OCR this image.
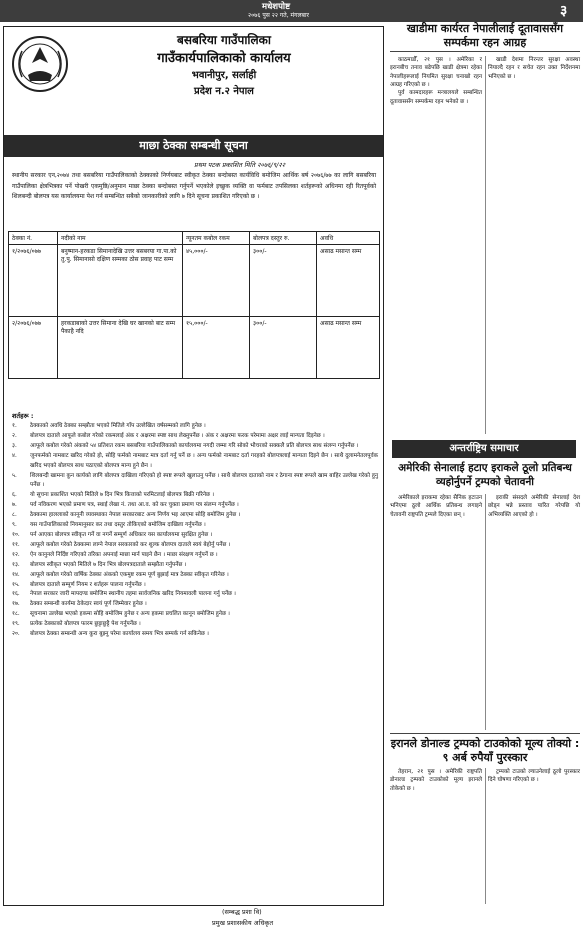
मधेशपोष्ट
२०७६ पुस २२ गते, मंगलबार	३
बसबरिया गाउँपालिका
गाउँकार्यपालिकाको कार्यालय
भवानीपुर, सर्लाही
प्रदेश न.२ नेपाल
माछा ठेक्का सम्बन्धी सूचना
प्रथम पटक प्रकाशित मिति २०७६/९/२२
स्थानीय सरकार एन,२०७४ तथा बसबरिया गाउँपालिकाको ठेक्काको निर्णयबाट स्वीकृत ठेक्का बन्दोबस्त कार्यविधि बमोजिम आर्थिक बर्ष २०७६/७७ का लागि बसबरिया गाउँपालिका क्षेत्रभित्रका पर्ने पोखरी एकमुष्ठि/अनुमान माछा ठेक्का बन्दोबस्त गर्नुपर्ने भएकोले इच्छुक व्यक्ति वा फर्मबाट तपसिलका शर्तहरूको अधिनमा रही रितपूर्वको शिलबन्दी बोलपत्र यस कार्यालयमा पेश गर्न सम्बन्धित सबैको जानकारीको लागि ७ दिने सूचना प्रकाशित गरिएको छ ।
ठेक्का नं.	नदीको नाम	न्यूनतम कबोल रकम	बोलपत्र दस्तुर रु.	अवधि
१/२०७६/०७७	बनुष्मान-हरकडा सिमानादेखि उत्तर बसबरया गा.पा.को तु.पु. सिमानासो दक्षिण सम्मका ठोस प्रवाह पाट सम्म	४५,०००/-	३००/-	असाढ मसान्त सम्म
२/२०७६/०७७	हरकडाबाको उत्तर सिमाना देखि घर खानको बाट सम्म पैकाहै नदि	१५,०००/-	३००/-	असाढ मसान्त सम्म
शर्तहरू :
१.	ठेक्काको अवधि ठेक्का सम्झौता भएको मितिले गाँप उल्लेखित वर्षसम्मको लागि हुनेछ ।
२.	बोलपत्र दाताले आफूले कबोल गरेको रकमलाई अंक र अक्षरमा स्पष्ट साथ लेख्नुपर्नेछ । अंक र अक्षरमा फरक परेमामा अक्षर लाई मान्यता दिइनेछ ।
३.	आफूले कबोल गरेको अंकको ५४ प्रतिशत रकम बसबरिया गाउँपालिकाको कार्यालयमा नगदी जम्मा गरि सोको भौचरको सक्कलै प्रति बोलपत्र साथ संलग्न गर्नुपर्नेछ ।
४.	जुनफर्मको नामबाट खरिद गरेको हो, सोहि फर्मको नामबाट मात्र दर्ता गर्नु पर्ने छ । अन्य फर्मको नामबाट दर्ता गरहको बोलपत्रलाई मान्यता दिइने छैन । साथै दुलामनेतलपूर्वक खरिद भएको बोलपत्र साथ पठाएको बोलपत्र मान्य हुने छैन ।
५.	शिलबन्दी खामना कुन कार्यको लागि बोलपत्र दाखिला गरिएको हो स्पष्ट रूपले खुलाउनु पर्नेछ । साथै बोलपत्र दाताको नाम र ठेगाना स्पष्ट रूपले खाम बाहिर उल्लेख गरेको हुनु पर्नेछ ।
६.	यो सूचना प्रकाशित भएको मितिले ७ दिन भित्र कित्ताको परमिटलाई बोलपत्र बिक्री गरिनेछ ।
७.	पर्व नविकरण भएको प्रमाण पत्र, स्थाई लेखा नं. तथा आ.व. को कर चुक्ता प्रमाण पत्र संलग्न गर्नुपर्नेछ ।
८.	ठेक्कामा हाललाको कानूनी व्यवस्थाका नेपाल सरकारबाट अन्य निर्णय भइ आएमा सोहि बमोजिम हुनेछ ।
९.	यस गाउँपालिकाको नियमानुसार कर तथा दस्तुर तोकिएको बमोजिम दाखिला गर्नुपर्नेछ ।
१०.	पर्न आएका बोलपत्र स्वीकृत गर्ने वा नगर्ने सम्पूर्ण अधिकार यस कार्यालयमा सुरक्षित हुनेछ ।
११.	आफूले कबोल गरेको ठेक्कामा लाग्ने नेपाल सरकारको कर शुल्क बोलपत्र दाताले स्वयं बेहोर्नु पर्नेछ ।
१२.	ऐन कानुनले निर्दिष्ट गरिएको तरिका अपनाई माछा मार्न पाइने छैन । माछा संरक्षण गर्नुपर्ने छ ।
१३.	बोलपत्र स्वीकृत भएको मितिले ७ दिन भित्र बोलपत्रदाताले सम्झौता गर्नुपर्नेछ ।
१४.	आफूले कबोल गरेको वार्षिक ठेक्का अंकको एकमुष्ट रकम पूर्ण बुझाई मात्र ठेक्का स्वीकृत गरिनेछ ।
१५.	बोलपत्र दाताले सम्पूर्ण नियम र शर्तहरू पालना गर्नुपर्नेछ ।
१६.	नेपाल सरकार जारी मापदण्ड बमोजिम स्थानीय तहमा सार्वजनिक खरिद नियमावली पालना गर्नु पर्नेछ ।
१७.	ठेक्का सम्बन्धी कार्यमा ठेकेदार स्वयं पूर्ण जिम्मेवार हुनेछ ।
१८.	सूचनामा उल्लेख भएको हकमा सोहि बमोजिम हुनेछ र अन्य हकमा प्रचलित कानून बमोजिम हुनेछ ।
१९.	प्रत्येक ठेक्काको बोलपत्र फारम छुट्टाछुट्टै पेश गर्नुपर्नेछ ।
२०.	बोलपत्र ठेक्का सम्बन्धी अन्य कुरा बुझ्नु परेमा कार्यालय समय भित्र सम्पर्क गर्न सकिनेछ ।
(सम्बद्ध प्रशा वि)
प्रमुख प्रशासकीय अधिकृत
खाडीमा कार्यरत नेपालीलाई दूतावाससँग सम्पर्कमा रहन आग्रह

काठमाडौँ, २१ पुस । अमेरिका र इरानबीच तनाव बढेपछि खाडी क्षेत्रमा रहेका नेपालीहरूलाई नियमित सुरक्षा चनाखो रहन आग्रह गरिएको छ ।

पुर्व कामदारहरू मन्त्रालयले सम्बन्धित दूतावाससँग सम्पर्कमा रहन भनेको छ ।

खाडी देशमा निरन्तर सुरक्षा अवस्था नियाल्दै रहन र सचेत रहन उक्त निर्देशनमा भनिएको छ ।

अन्तर्राष्ट्रिय समाचार
अमेरिकी सेनालाई हटाए इराकले ठूलो प्रतिबन्ध व्यहोर्नुपर्ने ट्रम्पको चेतावनी

अमेरिकाले इराकमा रहेका सैनिक हटाउन भनिएमा ठूलो आर्थिक प्रतिबन्ध लगाइने चेतावनी राष्ट्रपति ट्रम्पले दिएका छन् ।

इराकी संसदले अमेरिकी सेनालाई देश छोड्न भन्ने प्रस्ताव पारित गरेपछि यो अभिव्यक्ति आएको हो ।

इरानले डोनाल्ड ट्रम्पको टाउकोको मूल्य तोक्यो : ९ अर्ब रुपैयाँ पुरस्कार

तेहरान, २१ पुस । अमेरिकी राष्ट्रपति डोनाल्ड ट्रम्पको टाउकोको मूल्य इरानले तोकेको छ ।

ट्रम्पको टाउको ल्याउनेलाई ठूलो पुरस्कार दिने घोषणा गरिएको छ ।
